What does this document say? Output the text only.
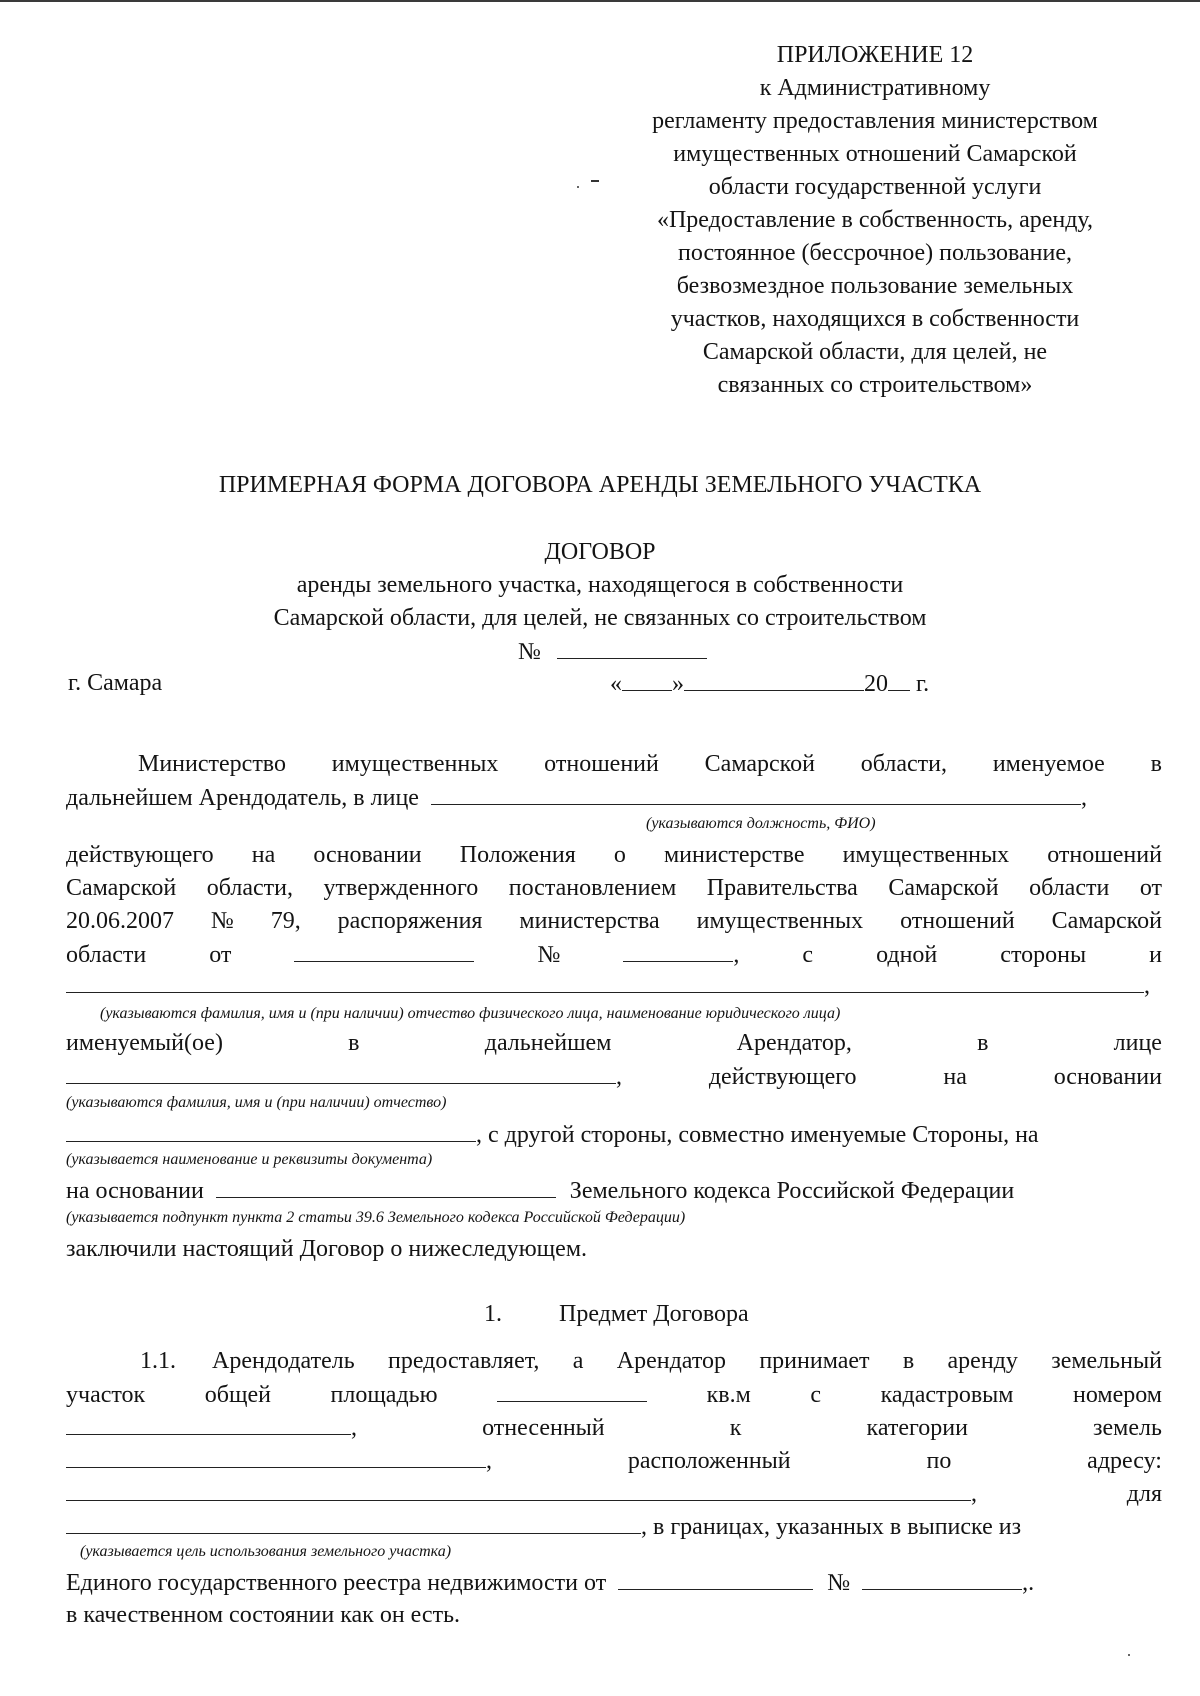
ПРИЛОЖЕНИЕ 12
к Административному
регламенту предоставления министерством
имущественных отношений Самарской
области государственной услуги
«Предоставление в собственность, аренду,
постоянное (бессрочное) пользование,
безвозмездное пользование земельных
участков, находящихся в собственности
Самарской области, для целей, не
связанных со строительством»
ПРИМЕРНАЯ ФОРМА ДОГОВОРА АРЕНДЫ ЗЕМЕЛЬНОГО УЧАСТКА
ДОГОВОР
аренды земельного участка, находящегося в собственности
Самарской области, для целей, не связанных со строительством
№
г. Самара	« »	20 г.
Министерство имущественных отношений Самарской области, именуемое в
дальнейшем Арендодатель, в лице	,
(указываются должность, ФИО)
действующего на основании Положения о министерстве имущественных отношений
Самарской области, утвержденного постановлением Правительства Самарской области от
20.06.2007 № 79, распоряжения министерства имущественных отношений Самарской
области	от	№	,	с	одной	стороны	и
,
(указываются фамилия, имя и (при наличии) отчество физического лица, наименование юридического лица)
именуемый(ое)	в	дальнейшем	Арендатор,	в	лице
,	действующего	на	основании
(указываются фамилия, имя и (при наличии) отчество)
, с другой стороны, совместно именуемые Стороны, на
(указывается наименование и реквизиты документа)
на основании	Земельного кодекса Российской Федерации
(указывается подпункт пункта 2 статьи 39.6 Земельного кодекса Российской Федерации)
заключили настоящий Договор о нижеследующем.
1. Предмет Договора
1.1. Арендодатель предоставляет, а Арендатор принимает в аренду земельный
участок общей площадью	кв.м с кадастровым номером
,	отнесенный	к	категории	земель
,	расположенный	по	адресу:
,	для
, в границах, указанных в выписке из
(указывается цель использования земельного участка)
Единого государственного реестра недвижимости от	№	,.
в качественном состоянии как он есть.
